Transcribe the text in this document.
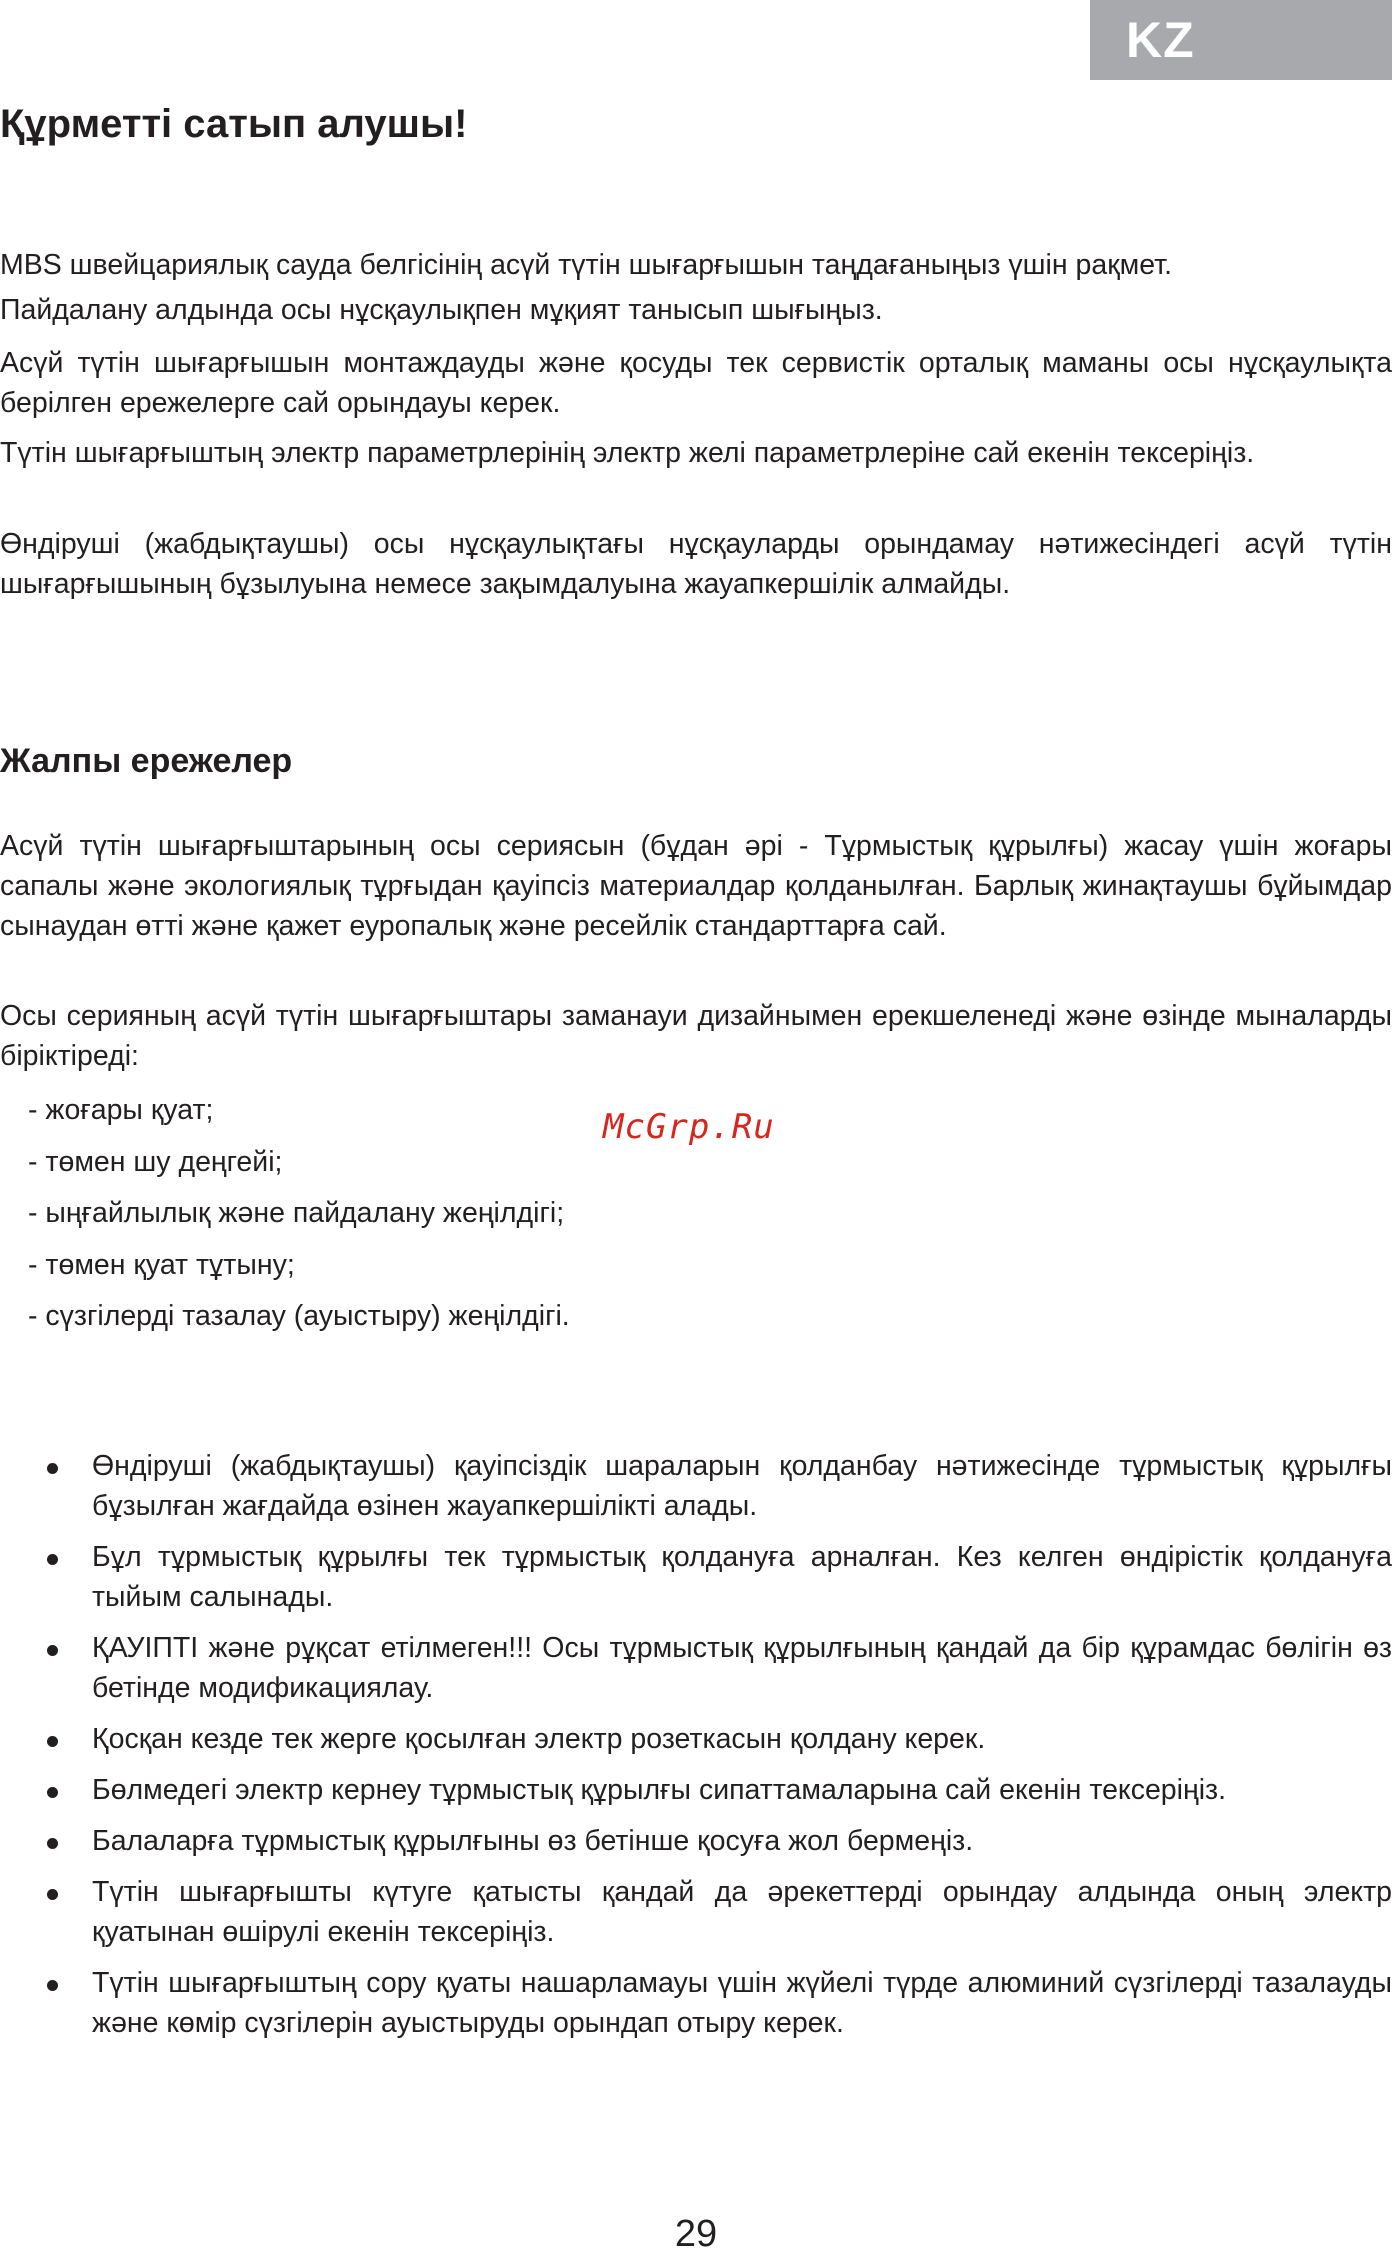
KZ
Құрметті сатып алушы!

MBS швейцариялық сауда белгісінің асүй түтін шығарғышын таңдағаныңыз үшін рақмет.

Пайдалану алдында осы нұсқаулықпен мұқият танысып шығыңыз.

Асүй түтін шығарғышын монтаждауды және қосуды тек сервистік орталық маманы осы нұсқаулықта берілген ережелерге сай орындауы керек.

Түтін шығарғыштың электр параметрлерінің электр желі параметрлеріне сай екенін тексеріңіз.

Өндіруші (жабдықтаушы) осы нұсқаулықтағы нұсқауларды орындамау нәтижесіндегі асүй түтін шығарғышының бұзылуына немесе зақымдалуына жауапкершілік алмайды.

Жалпы ережелер

Асүй түтін шығарғыштарының осы сериясын (бұдан әрі - Тұрмыстық құрылғы) жасау үшін жоғары сапалы және экологиялық тұрғыдан қауіпсіз материалдар қолданылған. Барлық жинақтаушы бұйымдар сынаудан өтті және қажет еуропалық және ресейлік стандарттарға сай.

Осы серияның асүй түтін шығарғыштары заманауи дизайнымен ерекшеленеді және өзінде мыналарды біріктіреді:

- жоғары қуат;
- төмен шу деңгейі;
- ыңғайлылық және пайдалану жеңілдігі;
- төмен қуат тұтыну;
- сүзгілерді тазалау (ауыстыру) жеңілдігі.
McGrp.Ru
Өндіруші (жабдықтаушы) қауіпсіздік шараларын қолданбау нәтижесінде тұрмыстық құрылғы бұзылған жағдайда өзінен жауапкершілікті алады.
Бұл тұрмыстық құрылғы тек тұрмыстық қолдануға арналған. Кез келген өндірістік қолдануға тыйым салынады.
ҚАУІПТІ және рұқсат етілмеген!!! Осы тұрмыстық құрылғының қандай да бір құрамдас бөлігін өз бетінде модификациялау.
Қосқан кезде тек жерге қосылған электр розеткасын қолдану керек.
Бөлмедегі электр кернеу тұрмыстық құрылғы сипаттамаларына сай екенін тексеріңіз.
Балаларға тұрмыстық құрылғыны өз бетінше қосуға жол бермеңіз.
Түтін шығарғышты күтуге қатысты қандай да әрекеттерді орындау алдында оның электр қуатынан өшірулі екенін тексеріңіз.
Түтін шығарғыштың сору қуаты нашарламауы үшін жүйелі түрде алюминий сүзгілерді тазалауды және көмір сүзгілерін ауыстыруды орындап отыру керек.
29
